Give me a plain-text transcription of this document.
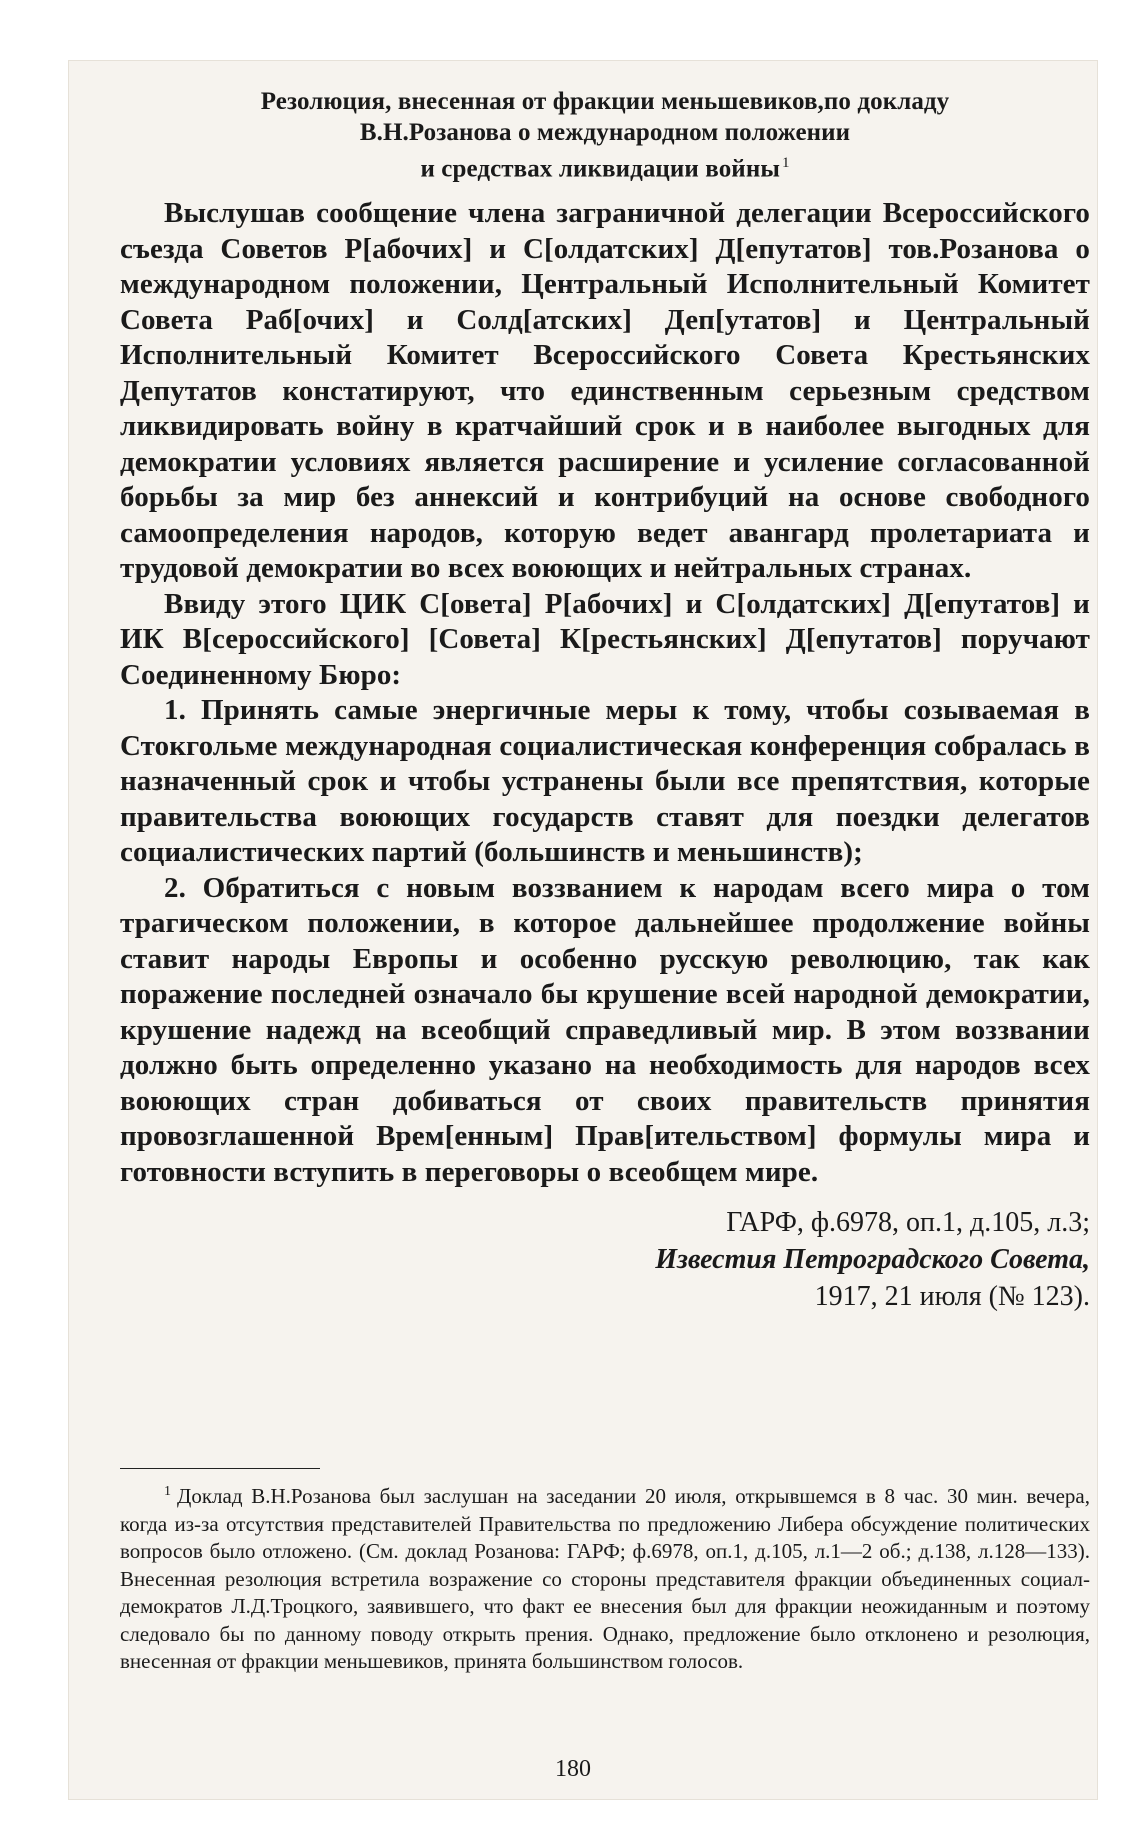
Резолюция, внесенная от фракции меньшевиков,по докладу
В.Н.Розанова о международном положении
и средствах ликвидации войны $^1$

Выслушав сообщение члена заграничной делегации Всероссийского съезда Советов Р[абочих] и С[олдатских] Д[епутатов] тов.Розанова о международном положении, Центральный Исполнительный Комитет Совета Раб[очих] и Солд[атских] Деп[утатов] и Центральный Исполнительный Комитет Всероссийского Совета Крестьянских Депутатов констатируют, что единственным серьезным средством ликвидировать войну в кратчайший срок и в наиболее выгодных для демократии условиях является расширение и усиление согласованной борьбы за мир без аннексий и контрибуций на основе свободного самоопределения народов, которую ведет авангард пролетариата и трудовой демократии во всех воюющих и нейтральных странах.

Ввиду этого ЦИК С[овета] Р[абочих] и С[олдатских] Д[епутатов] и ИК В[сероссийского] [Совета] К[рестьянских] Д[епутатов] поручают Соединенному Бюро:

1. Принять самые энергичные меры к тому, чтобы созываемая в Стокгольме международная социалистическая конференция собралась в назначенный срок и чтобы устранены были все препятствия, которые правительства воюющих государств ставят для поездки делегатов социалистических партий (большинств и меньшинств);

2. Обратиться с новым воззванием к народам всего мира о том трагическом положении, в которое дальнейшее продолжение войны ставит народы Европы и особенно русскую революцию, так как поражение последней означало бы крушение всей народной демократии, крушение надежд на всеобщий справедливый мир. В этом воззвании должно быть определенно указано на необходимость для народов всех воюющих стран добиваться от своих правительств принятия провозглашенной Врем[енным] Прав[ительством] формулы мира и готовности вступить в переговоры о всеобщем мире.

ГАРФ, ф.6978, оп.1, д.105, л.3;
Известия Петроградского Совета,
1917, 21 июля (№ 123).
$^1$ Доклад В.Н.Розанова был заслушан на заседании 20 июля, открывшемся в 8 час. 30 мин. вечера, когда из-за отсутствия представителей Правительства по предложению Либера обсуждение политических вопросов было отложено. (См. доклад Розанова: ГАРФ; ф.6978, оп.1, д.105, л.1—2 об.; д.138, л.128—133). Внесенная резолюция встретила возражение со стороны представителя фракции объединенных социал-демократов Л.Д.Троцкого, заявившего, что факт ее внесения был для фракции неожиданным и поэтому следовало бы по данному поводу открыть прения. Однако, предложение было отклонено и резолюция, внесенная от фракции меньшевиков, принята большинством голосов.
180
